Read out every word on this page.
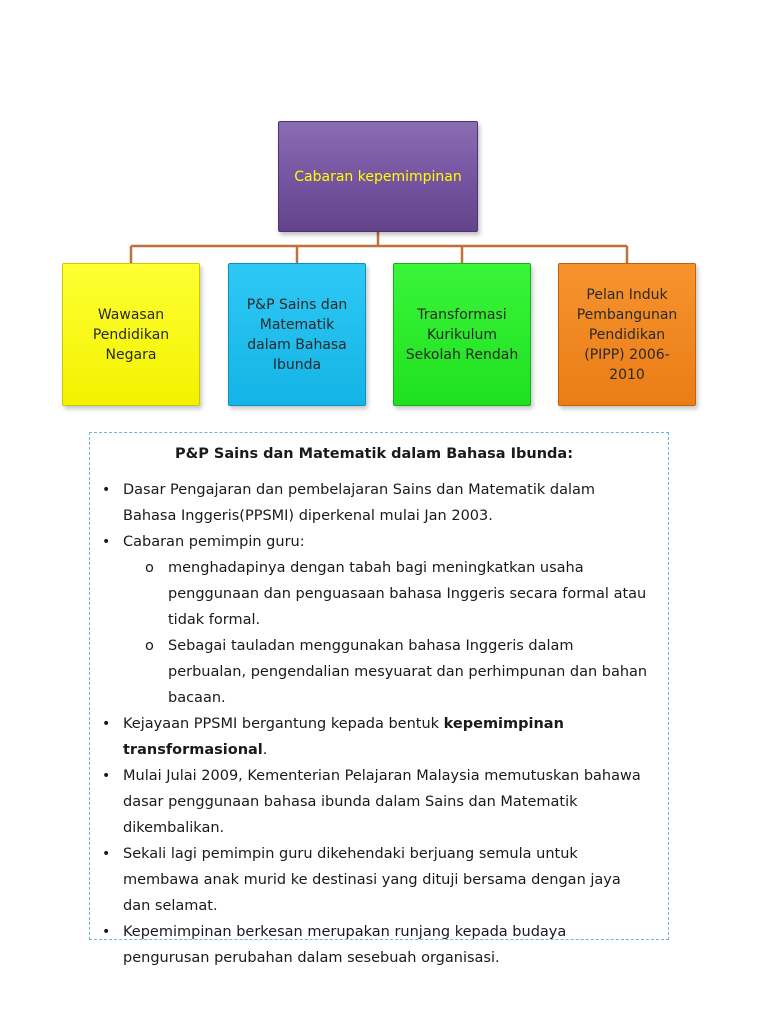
Cabaran kepemimpinan
Wawasan Pendidikan Negara
P&P Sains dan Matematik dalam Bahasa Ibunda
Transformasi Kurikulum Sekolah Rendah
Pelan Induk Pembangunan Pendidikan (PIPP) 2006-2010
P&P Sains dan Matematik dalam Bahasa Ibunda:
• Dasar Pengajaran dan pembelajaran Sains dan Matematik dalam Bahasa Inggeris(PPSMI) diperkenal mulai Jan 2003.
• Cabaran pemimpin guru:
o menghadapinya dengan tabah bagi meningkatkan usaha penggunaan dan penguasaan bahasa Inggeris secara formal atau tidak formal.
o Sebagai tauladan menggunakan bahasa Inggeris dalam perbualan, pengendalian mesyuarat dan perhimpunan dan bahan bacaan.
• Kejayaan PPSMI bergantung kepada bentuk kepemimpinan transformasional.
• Mulai Julai 2009, Kementerian Pelajaran Malaysia memutuskan bahawa dasar penggunaan bahasa ibunda dalam Sains dan Matematik dikembalikan.
• Sekali lagi pemimpin guru dikehendaki berjuang semula untuk membawa anak murid ke destinasi yang dituji bersama dengan jaya dan selamat.
• Kepemimpinan berkesan merupakan runjang kepada budaya pengurusan perubahan dalam sesebuah organisasi.
